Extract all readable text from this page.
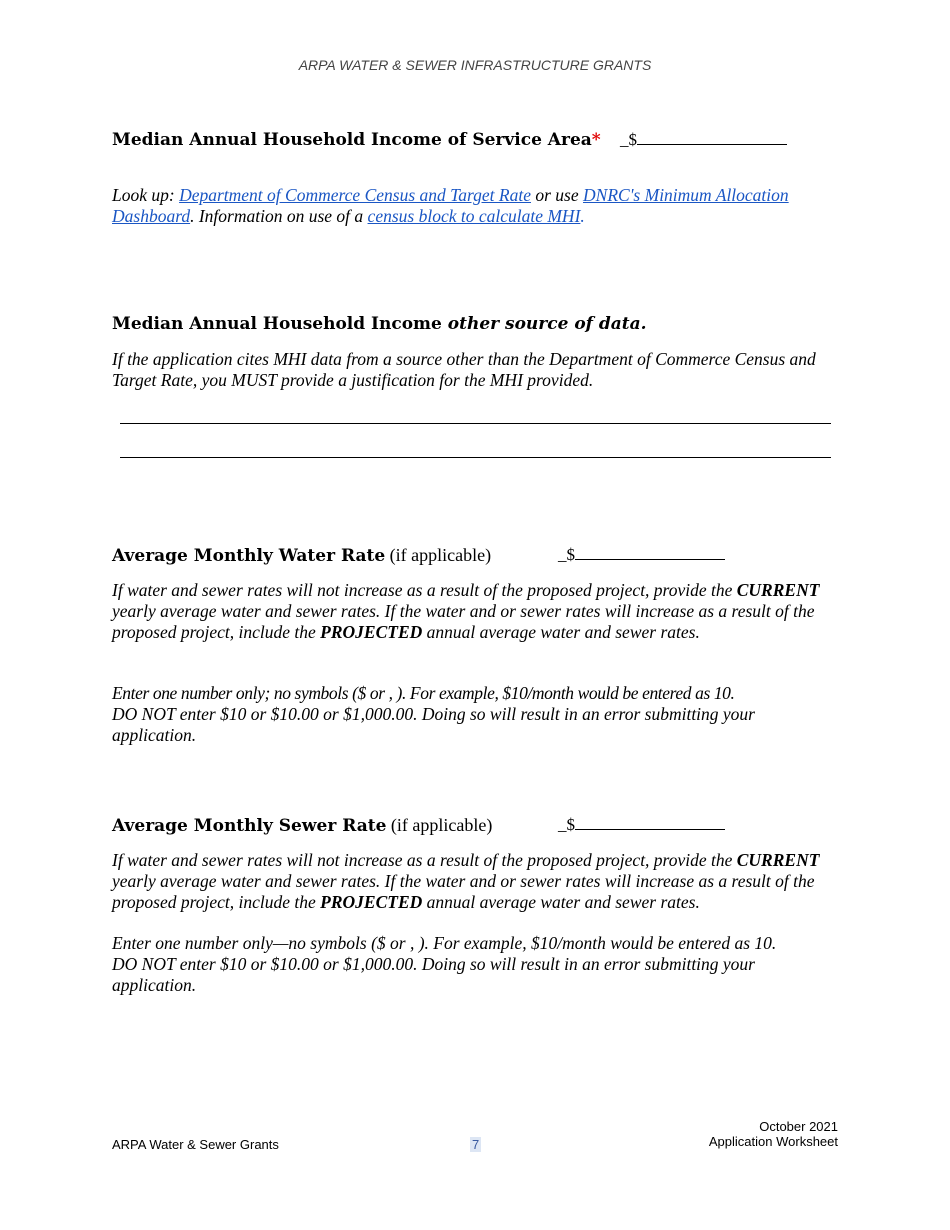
ARPA WATER & SEWER INFRASTRUCTURE GRANTS
Median Annual Household Income of Service Area* _$
Look up: Department of Commerce Census and Target Rate or use DNRC's Minimum Allocation Dashboard. Information on use of a census block to calculate MHI.
Median Annual Household Income other source of data.
If the application cites MHI data from a source other than the Department of Commerce Census and Target Rate, you MUST provide a justification for the MHI provided.
Average Monthly Water Rate (if applicable)	_$
If water and sewer rates will not increase as a result of the proposed project, provide the CURRENT yearly average water and sewer rates. If the water and or sewer rates will increase as a result of the proposed project, include the PROJECTED annual average water and sewer rates.
Enter one number only; no symbols ($ or , ). For example, $10/month would be entered as 10.
DO NOT enter $10 or $10.00 or $1,000.00. Doing so will result in an error submitting your application.
Average Monthly Sewer Rate (if applicable)	_$
If water and sewer rates will not increase as a result of the proposed project, provide the CURRENT yearly average water and sewer rates. If the water and or sewer rates will increase as a result of the proposed project, include the PROJECTED annual average water and sewer rates.
Enter one number only—no symbols ($ or , ). For example, $10/month would be entered as 10.
DO NOT enter $10 or $10.00 or $1,000.00. Doing so will result in an error submitting your application.
ARPA Water & Sewer Grants	7
October 2021
Application Worksheet
